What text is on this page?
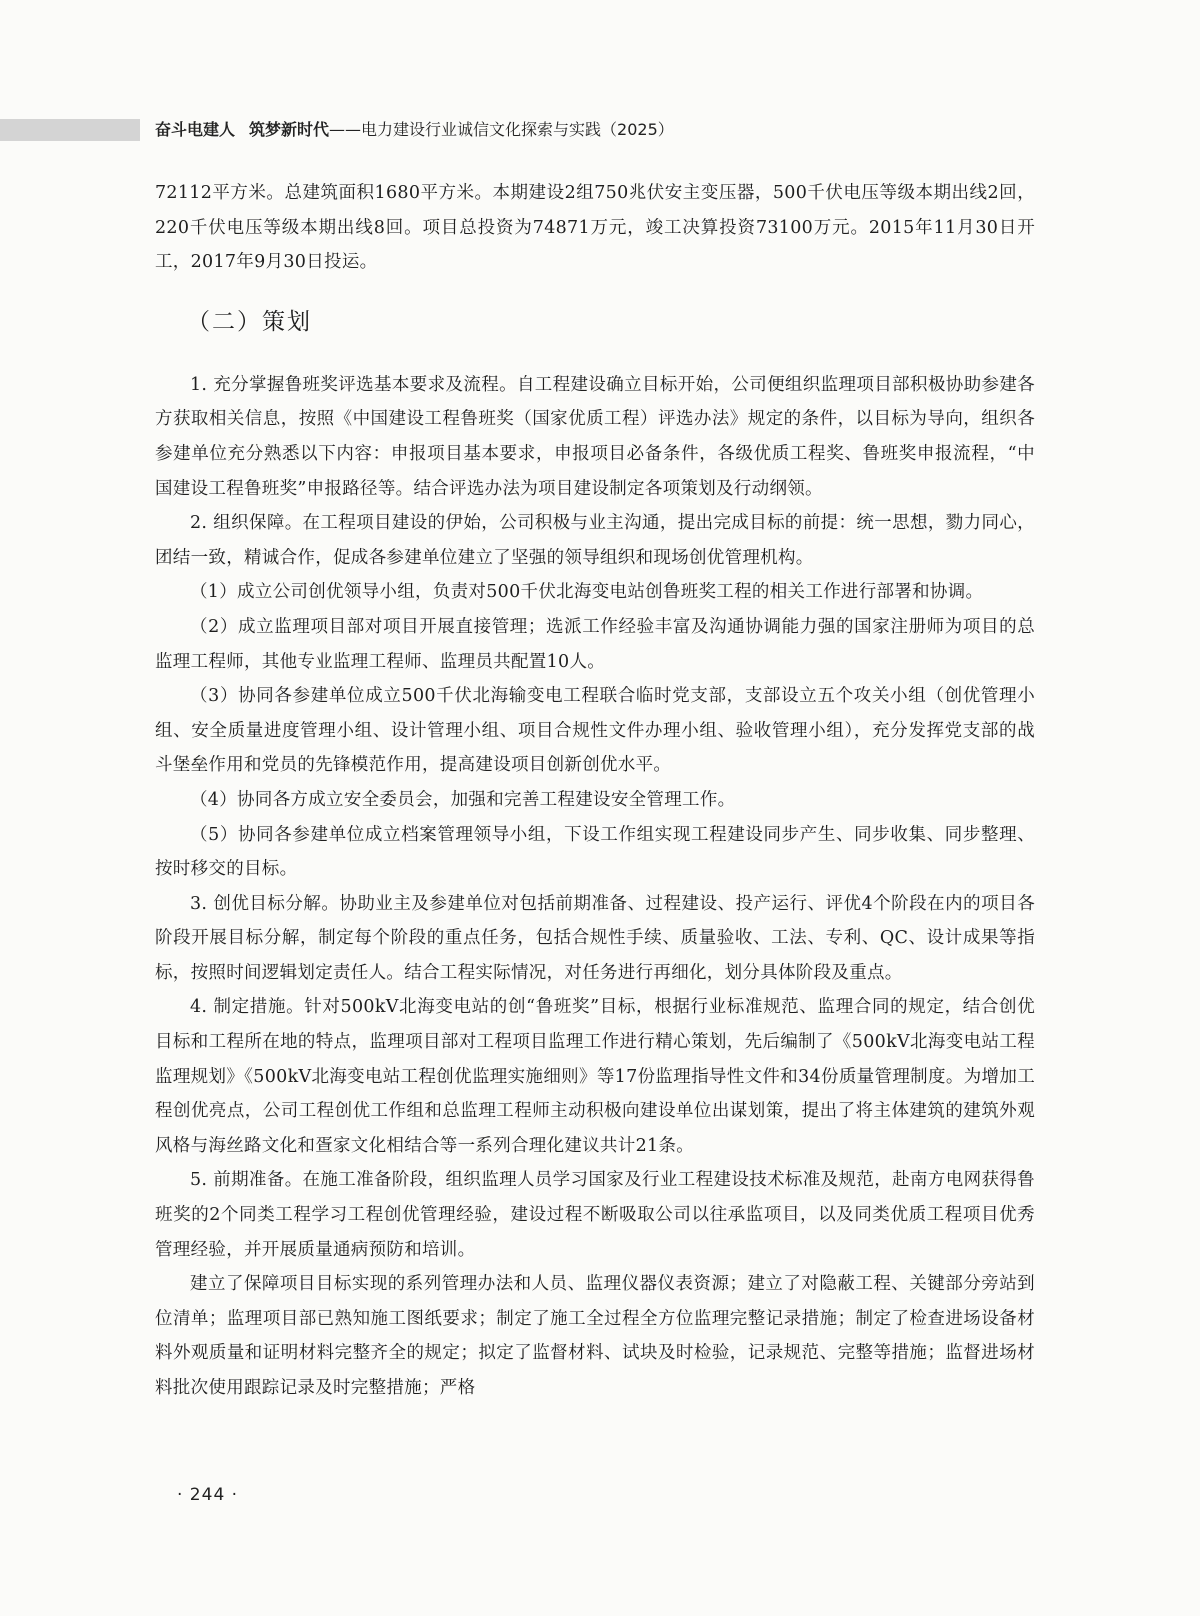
奋斗电建人 筑梦新时代——电力建设行业诚信文化探索与实践（2025）

72112平方米。总建筑面积1680平方米。本期建设2组750兆伏安主变压器，500千伏电压等级本期出线2回，220千伏电压等级本期出线8回。项目总投资为74871万元，竣工决算投资73100万元。2015年11月30日开工，2017年9月30日投运。

（二）策划

1. 充分掌握鲁班奖评选基本要求及流程。自工程建设确立目标开始，公司便组织监理项目部积极协助参建各方获取相关信息，按照《中国建设工程鲁班奖（国家优质工程）评选办法》规定的条件，以目标为导向，组织各参建单位充分熟悉以下内容：申报项目基本要求，申报项目必备条件，各级优质工程奖、鲁班奖申报流程，“中国建设工程鲁班奖”申报路径等。结合评选办法为项目建设制定各项策划及行动纲领。

2. 组织保障。在工程项目建设的伊始，公司积极与业主沟通，提出完成目标的前提：统一思想，勠力同心，团结一致，精诚合作，促成各参建单位建立了坚强的领导组织和现场创优管理机构。

（1）成立公司创优领导小组，负责对500千伏北海变电站创鲁班奖工程的相关工作进行部署和协调。

（2）成立监理项目部对项目开展直接管理；选派工作经验丰富及沟通协调能力强的国家注册师为项目的总监理工程师，其他专业监理工程师、监理员共配置10人。

（3）协同各参建单位成立500千伏北海输变电工程联合临时党支部，支部设立五个攻关小组（创优管理小组、安全质量进度管理小组、设计管理小组、项目合规性文件办理小组、验收管理小组），充分发挥党支部的战斗堡垒作用和党员的先锋模范作用，提高建设项目创新创优水平。

（4）协同各方成立安全委员会，加强和完善工程建设安全管理工作。

（5）协同各参建单位成立档案管理领导小组，下设工作组实现工程建设同步产生、同步收集、同步整理、按时移交的目标。

3. 创优目标分解。协助业主及参建单位对包括前期准备、过程建设、投产运行、评优4个阶段在内的项目各阶段开展目标分解，制定每个阶段的重点任务，包括合规性手续、质量验收、工法、专利、QC、设计成果等指标，按照时间逻辑划定责任人。结合工程实际情况，对任务进行再细化，划分具体阶段及重点。

4. 制定措施。针对500kV北海变电站的创“鲁班奖”目标，根据行业标准规范、监理合同的规定，结合创优目标和工程所在地的特点，监理项目部对工程项目监理工作进行精心策划，先后编制了《500kV北海变电站工程监理规划》《500kV北海变电站工程创优监理实施细则》等17份监理指导性文件和34份质量管理制度。为增加工程创优亮点，公司工程创优工作组和总监理工程师主动积极向建设单位出谋划策，提出了将主体建筑的建筑外观风格与海丝路文化和疍家文化相结合等一系列合理化建议共计21条。

5. 前期准备。在施工准备阶段，组织监理人员学习国家及行业工程建设技术标准及规范，赴南方电网获得鲁班奖的2个同类工程学习工程创优管理经验，建设过程不断吸取公司以往承监项目，以及同类优质工程项目优秀管理经验，并开展质量通病预防和培训。

建立了保障项目目标实现的系列管理办法和人员、监理仪器仪表资源；建立了对隐蔽工程、关键部分旁站到位清单；监理项目部已熟知施工图纸要求；制定了施工全过程全方位监理完整记录措施；制定了检查进场设备材料外观质量和证明材料完整齐全的规定；拟定了监督材料、试块及时检验，记录规范、完整等措施；监督进场材料批次使用跟踪记录及时完整措施；严格

· 244 ·
